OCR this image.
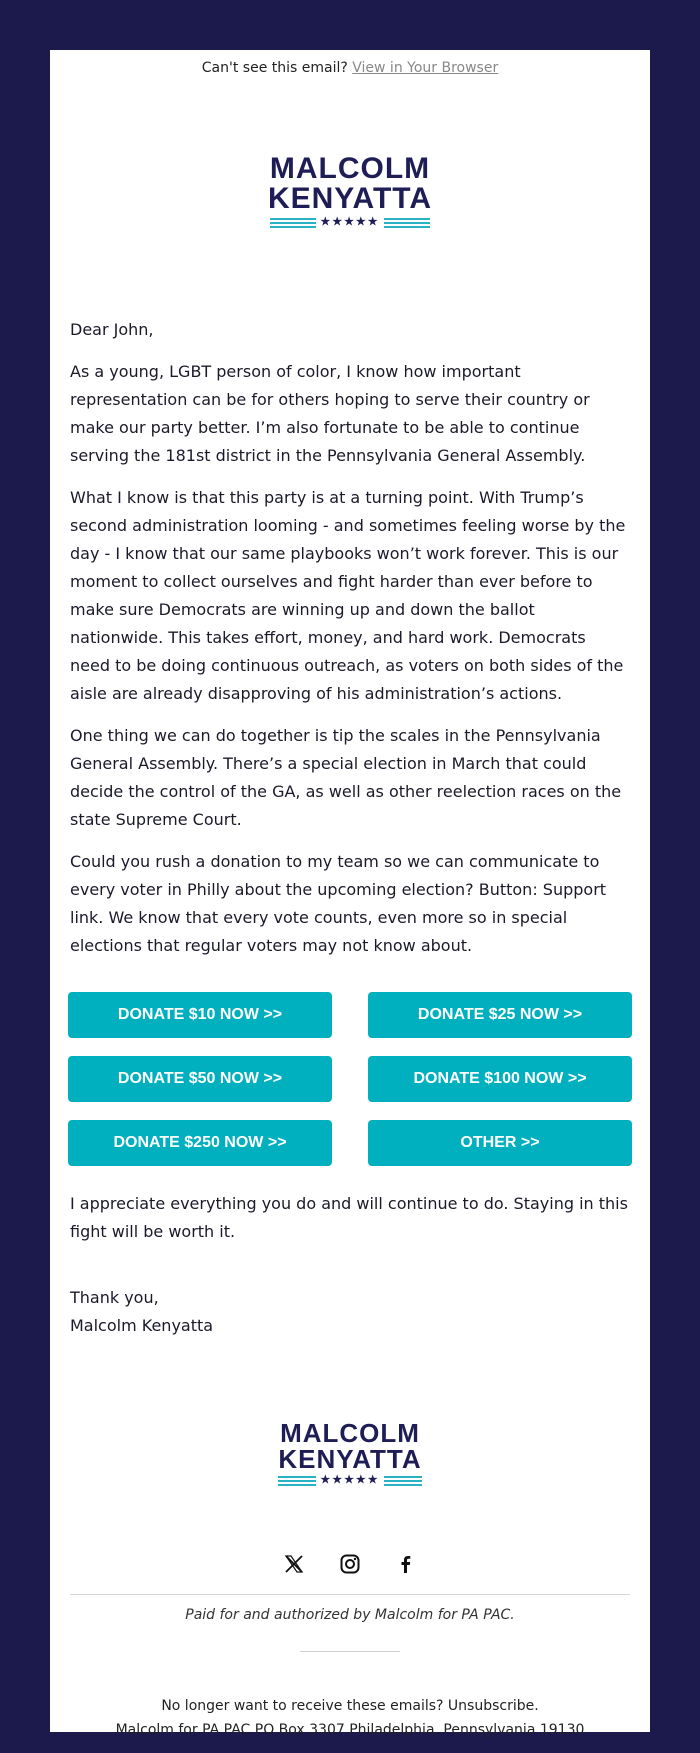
Can't see this email? View in Your Browser
MALCOLM
KENYATTA
★★★★★

Dear John,

As a young, LGBT person of color, I know how important representation can be for others hoping to serve their country or make our party better. I’m also fortunate to be able to continue serving the 181st district in the Pennsylvania General Assembly.

What I know is that this party is at a turning point. With Trump’s second administration looming - and sometimes feeling worse by the day - I know that our same playbooks won’t work forever. This is our moment to collect ourselves and fight harder than ever before to make sure Democrats are winning up and down the ballot nationwide. This takes effort, money, and hard work. Democrats need to be doing continuous outreach, as voters on both sides of the aisle are already disapproving of his administration’s actions.

One thing we can do together is tip the scales in the Pennsylvania General Assembly. There’s a special election in March that could decide the control of the GA, as well as other reelection races on the state Supreme Court.

Could you rush a donation to my team so we can communicate to every voter in Philly about the upcoming election? Button: Support link. We know that every vote counts, even more so in special elections that regular voters may not know about.

DONATE $10 NOW >>	DONATE $25 NOW >>
DONATE $50 NOW >>	DONATE $100 NOW >>
DONATE $250 NOW >>	OTHER >>

I appreciate everything you do and will continue to do. Staying in this fight will be worth it.

Thank you,
Malcolm Kenyatta
MALCOLM
KENYATTA
★★★★★
Paid for and authorized by Malcolm for PA PAC.
No longer want to receive these emails? Unsubscribe.
Malcolm for PA PAC PO Box 3307 Philadelphia, Pennsylvania 19130
